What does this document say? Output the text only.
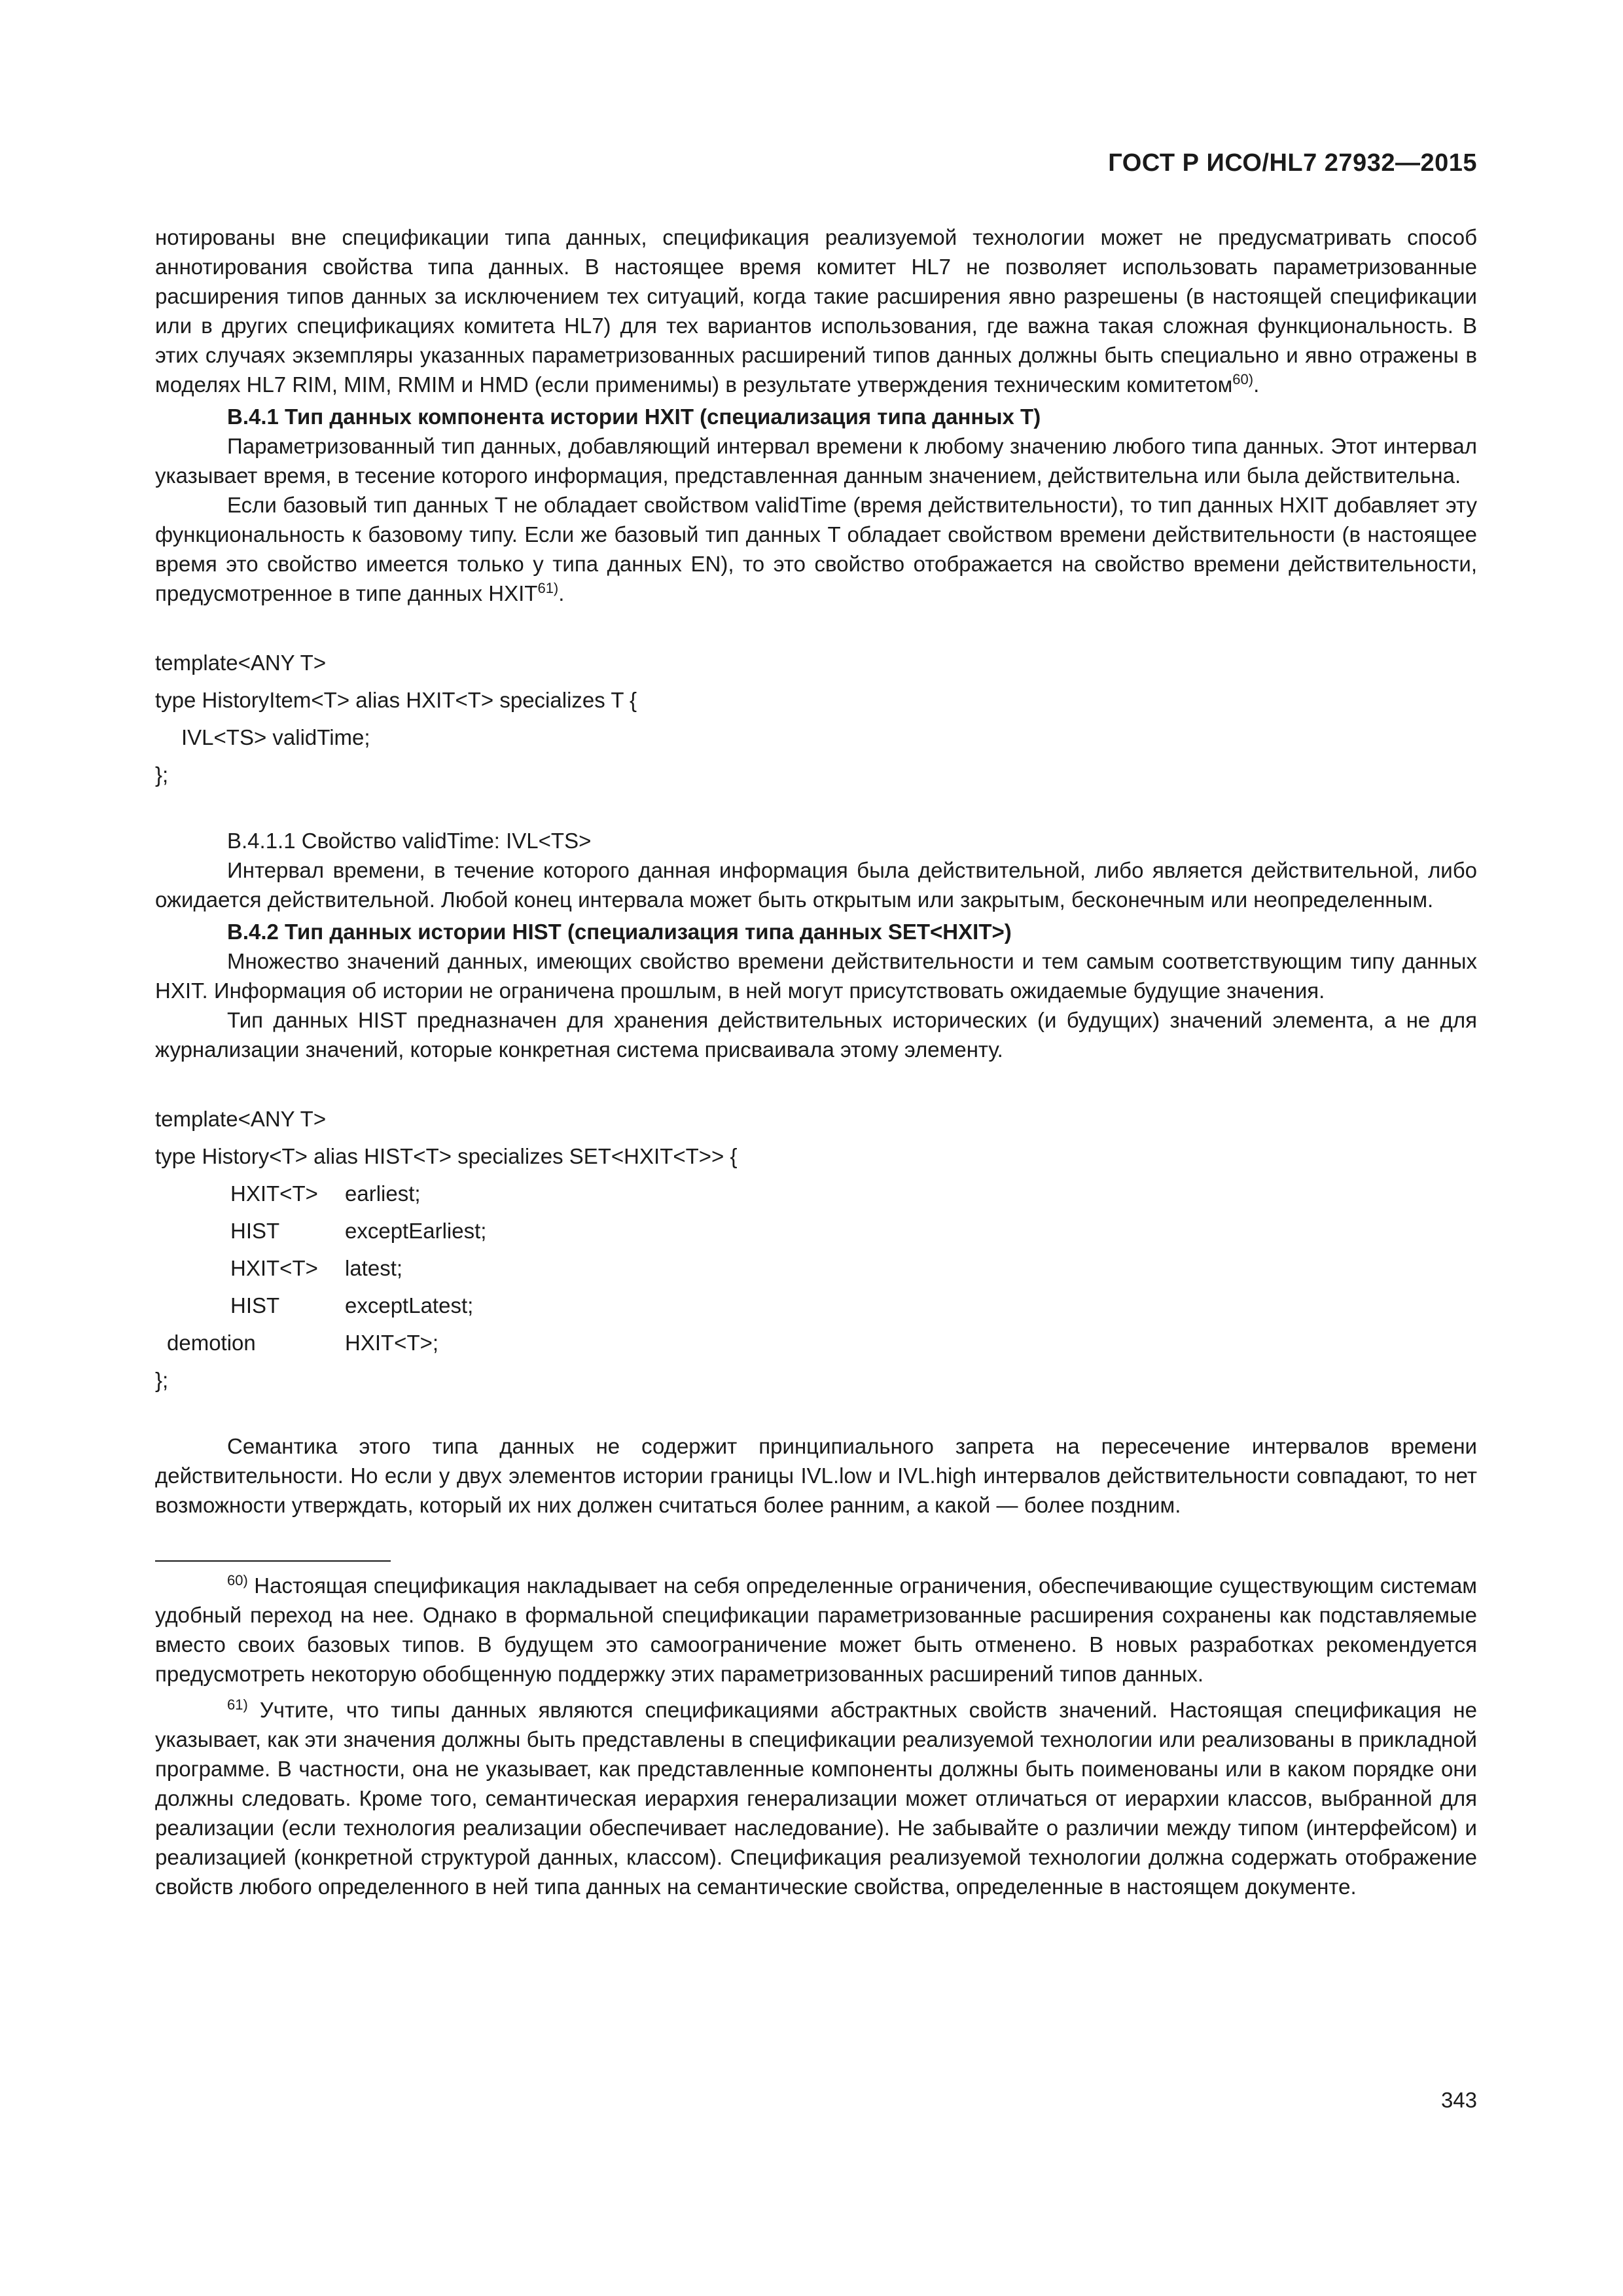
ГОСТ Р ИСО/HL7 27932—2015

нотированы вне спецификации типа данных, спецификация реализуемой технологии может не предусматривать способ аннотирования свойства типа данных. В настоящее время комитет HL7 не позволяет использовать параметризованные расширения типов данных за исключением тех ситуаций, когда такие расширения явно разрешены (в настоящей спецификации или в других спецификациях комитета HL7) для тех вариантов использования, где важна такая сложная функциональность. В этих случаях экземпляры указанных параметризованных расширений типов данных должны быть специально и явно отражены в моделях HL7 RIM, MIM, RMIM и HMD (если применимы) в результате утверждения техническим комитетом$^{60)}$.

B.4.1 Тип данных компонента истории HXIT (специализация типа данных T)

Параметризованный тип данных, добавляющий интервал времени к любому значению любого типа данных. Этот интервал указывает время, в тесение которого информация, представленная данным значением, действительна или была действительна.

Если базовый тип данных T не обладает свойством validTime (время действительности), то тип данных HXIT добавляет эту функциональность к базовому типу. Если же базовый тип данных T обладает свойством времени действительности (в настоящее время это свойство имеется только у типа данных EN), то это свойство отображается на свойство времени действительности, предусмотренное в типе данных HXIT$^{61)}$.

template<ANY T>
type HistoryItem<T> alias HXIT<T> specializes T {
IVL<TS> validTime;
};

B.4.1.1 Свойство validTime: IVL<TS>

Интервал времени, в течение которого данная информация была действительной, либо является действительной, либо ожидается действительной. Любой конец интервала может быть открытым или закрытым, бесконечным или неопределенным.

B.4.2 Тип данных истории HIST (специализация типа данных SET<HXIT>)

Множество значений данных, имеющих свойство времени действительности и тем самым соответствующим типу данных HXIT. Информация об истории не ограничена прошлым, в ней могут присутствовать ожидаемые будущие значения.

Тип данных HIST предназначен для хранения действительных исторических (и будущих) значений элемента, а не для журнализации значений, которые конкретная система присваивала этому элементу.

template<ANY T>
type History<T> alias HIST<T> specializes SET<HXIT<T>> {
HXIT<T>	earliest;
HIST	exceptEarliest;
HXIT<T>	latest;
HIST	exceptLatest;
demotion	HXIT<T>;
};

Семантика этого типа данных не содержит принципиального запрета на пересечение интервалов времени действительности. Но если у двух элементов истории границы IVL.low и IVL.high интервалов действительности совпадают, то нет возможности утверждать, который их них должен считаться более ранним, а какой — более поздним.

$^{60)}$ Настоящая спецификация накладывает на себя определенные ограничения, обеспечивающие существующим системам удобный переход на нее. Однако в формальной спецификации параметризованные расширения сохранены как подставляемые вместо своих базовых типов. В будущем это самоограничение может быть отменено. В новых разработках рекомендуется предусмотреть некоторую обобщенную поддержку этих параметризованных расширений типов данных.
$^{61)}$ Учтите, что типы данных являются спецификациями абстрактных свойств значений. Настоящая спецификация не указывает, как эти значения должны быть представлены в спецификации реализуемой технологии или реализованы в прикладной программе. В частности, она не указывает, как представленные компоненты должны быть поименованы или в каком порядке они должны следовать. Кроме того, семантическая иерархия генерализации может отличаться от иерархии классов, выбранной для реализации (если технология реализации обеспечивает наследование). Не забывайте о различии между типом (интерфейсом) и реализацией (конкретной структурой данных, классом). Спецификация реализуемой технологии должна содержать отображение свойств любого определенного в ней типа данных на семантические свойства, определенные в настоящем документе.
343
